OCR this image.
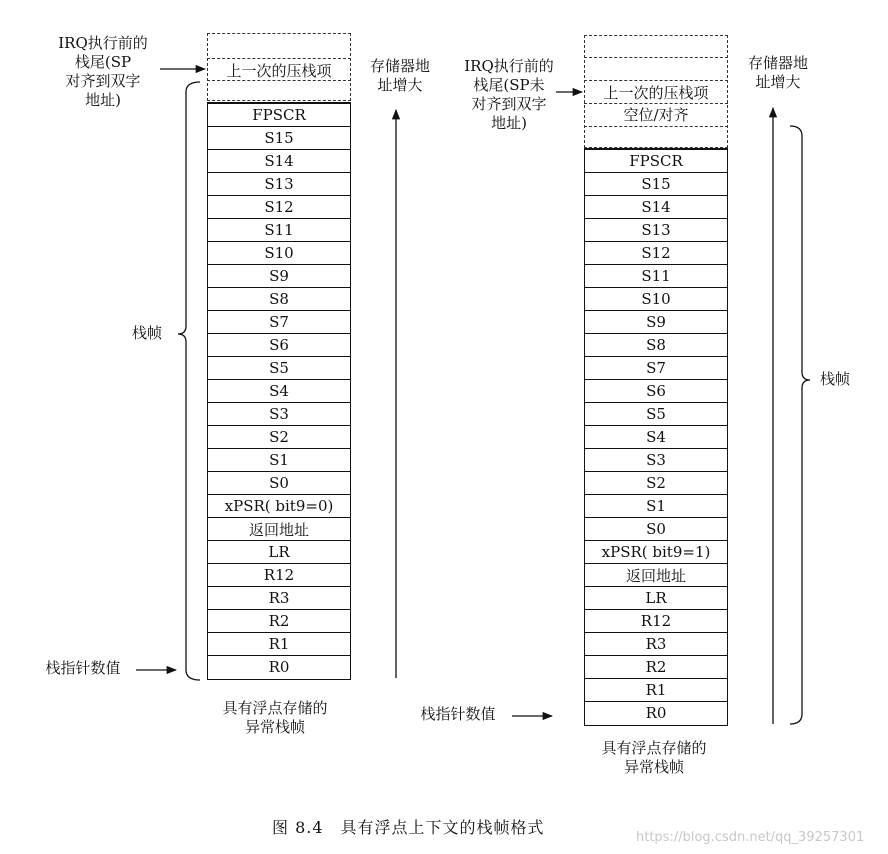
IRQ执行前的
栈尾(SP
对齐到双字
地址)
上一次的压栈项
FPSCR
S15
S14
S13
S12
S11
S10
S9
S8
S7
S6
S5
S4
S3
S2
S1
S0
xPSR( bit9=0)
返回地址
LR
R12
R3
R2
R1
R0
存储器地
址增大
栈帧
栈指针数值
具有浮点存储的
异常栈帧
IRQ执行前的
栈尾(SP未
对齐到双字
地址)
上一次的压栈项
空位/对齐
FPSCR
S15
S14
S13
S12
S11
S10
S9
S8
S7
S6
S5
S4
S3
S2
S1
S0
xPSR( bit9=1)
返回地址
LR
R12
R3
R2
R1
R0
存储器地
址增大
栈帧
栈指针数值
具有浮点存储的
异常栈帧
图 8.4　具有浮点上下文的栈帧格式
https://blog.csdn.net/qq_39257301
